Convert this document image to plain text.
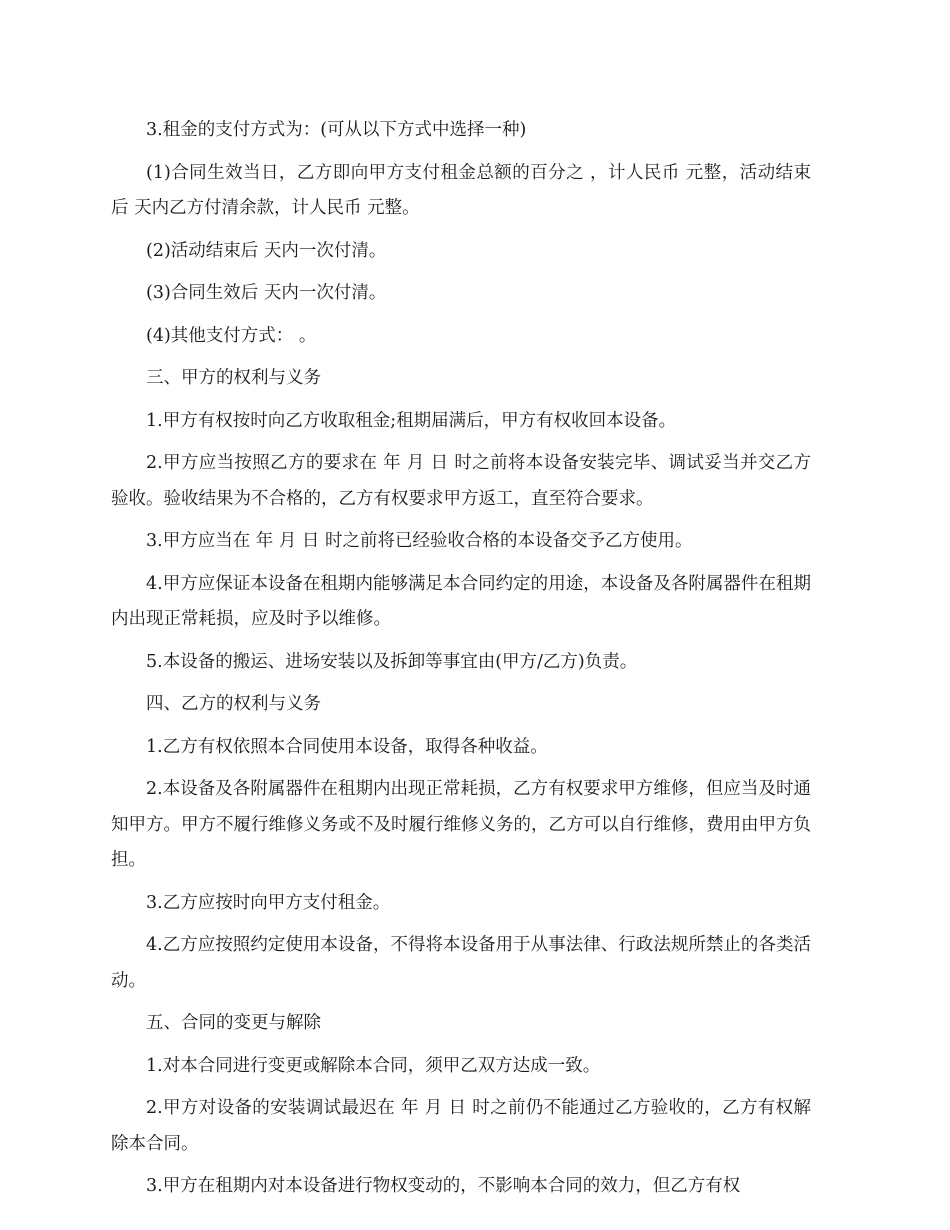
3.租金的支付方式为：(可从以下方式中选择一种)

(1)合同生效当日，乙方即向甲方支付租金总额的百分之 ，计人民币 元整，活动结束后 天内乙方付清余款，计人民币 元整。

(2)活动结束后 天内一次付清。

(3)合同生效后 天内一次付清。

(4)其他支付方式： 。

三、甲方的权利与义务

1.甲方有权按时向乙方收取租金;租期届满后，甲方有权收回本设备。

2.甲方应当按照乙方的要求在 年 月 日 时之前将本设备安装完毕、调试妥当并交乙方验收。验收结果为不合格的，乙方有权要求甲方返工，直至符合要求。

3.甲方应当在 年 月 日 时之前将已经验收合格的本设备交予乙方使用。

4.甲方应保证本设备在租期内能够满足本合同约定的用途，本设备及各附属器件在租期内出现正常耗损，应及时予以维修。

5.本设备的搬运、进场安装以及拆卸等事宜由(甲方/乙方)负责。

四、乙方的权利与义务

1.乙方有权依照本合同使用本设备，取得各种收益。

2.本设备及各附属器件在租期内出现正常耗损，乙方有权要求甲方维修，但应当及时通知甲方。甲方不履行维修义务或不及时履行维修义务的，乙方可以自行维修，费用由甲方负担。

3.乙方应按时向甲方支付租金。

4.乙方应按照约定使用本设备，不得将本设备用于从事法律、行政法规所禁止的各类活动。

五、合同的变更与解除

1.对本合同进行变更或解除本合同，须甲乙双方达成一致。

2.甲方对设备的安装调试最迟在 年 月 日 时之前仍不能通过乙方验收的，乙方有权解除本合同。

3.甲方在租期内对本设备进行物权变动的，不影响本合同的效力，但乙方有权
